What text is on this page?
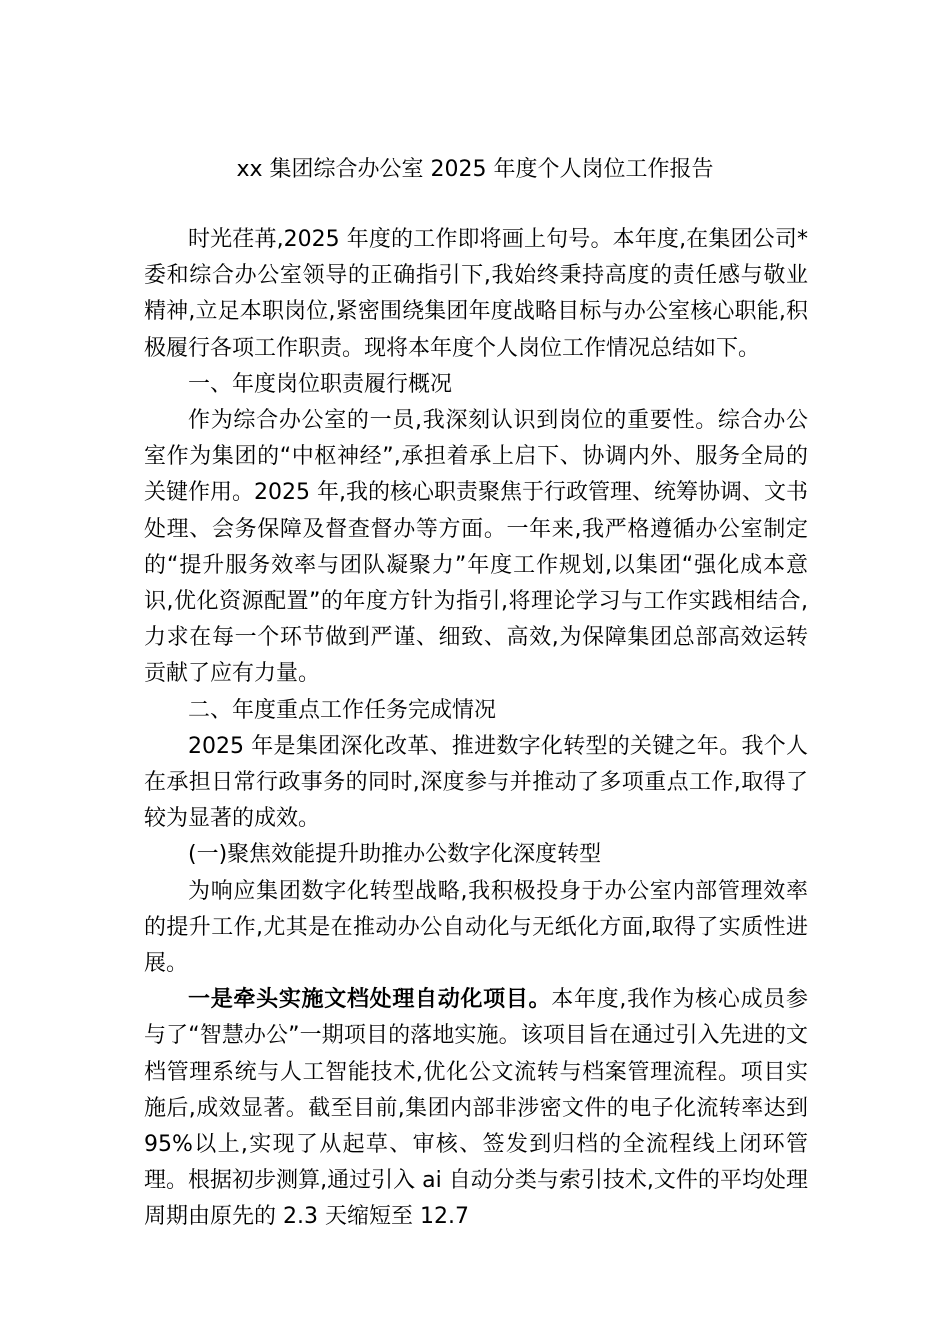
xx 集团综合办公室 2025 年度个人岗位工作报告

时光荏苒,2025 年度的工作即将画上句号。本年度,在集团公司*委和综合办公室领导的正确指引下,我始终秉持高度的责任感与敬业精神,立足本职岗位,紧密围绕集团年度战略目标与办公室核心职能,积极履行各项工作职责。现将本年度个人岗位工作情况总结如下。

一、年度岗位职责履行概况

作为综合办公室的一员,我深刻认识到岗位的重要性。综合办公室作为集团的“中枢神经”,承担着承上启下、协调内外、服务全局的关键作用。2025 年,我的核心职责聚焦于行政管理、统筹协调、文书处理、会务保障及督查督办等方面。一年来,我严格遵循办公室制定的“提升服务效率与团队凝聚力”年度工作规划,以集团“强化成本意识,优化资源配置”的年度方针为指引,将理论学习与工作实践相结合,力求在每一个环节做到严谨、细致、高效,为保障集团总部高效运转贡献了应有力量。

二、年度重点工作任务完成情况

2025 年是集团深化改革、推进数字化转型的关键之年。我个人在承担日常行政事务的同时,深度参与并推动了多项重点工作,取得了较为显著的成效。

(一)聚焦效能提升助推办公数字化深度转型

为响应集团数字化转型战略,我积极投身于办公室内部管理效率的提升工作,尤其是在推动办公自动化与无纸化方面,取得了实质性进展。

一是牵头实施文档处理自动化项目。本年度,我作为核心成员参与了“智慧办公”一期项目的落地实施。该项目旨在通过引入先进的文档管理系统与人工智能技术,优化公文流转与档案管理流程。项目实施后,成效显著。截至目前,集团内部非涉密文件的电子化流转率达到 95%以上,实现了从起草、审核、签发到归档的全流程线上闭环管理。根据初步测算,通过引入 ai 自动分类与索引技术,文件的平均处理周期由原先的 2.3 天缩短至 12.7
